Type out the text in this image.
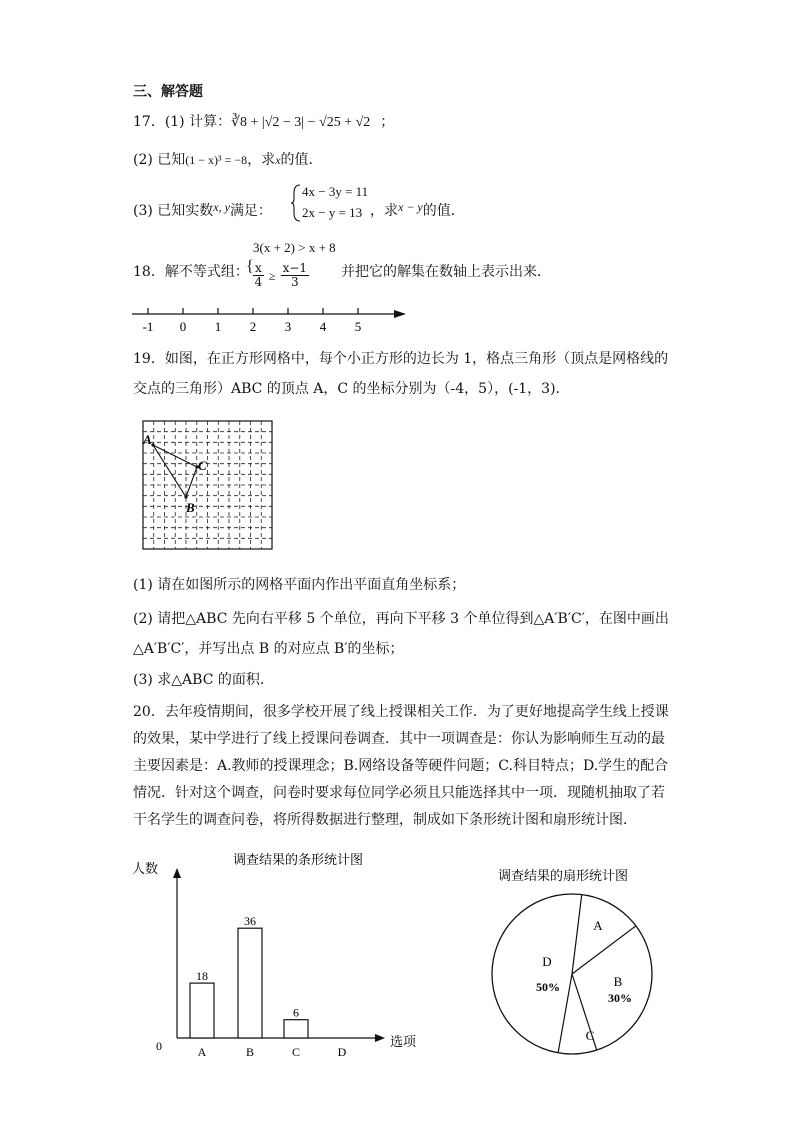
三、解答题
17．(1) 计算：∛8 + |√2 − 3| − √25 + √2 ；
(2) 已知(1 − x)³ = −8，求x的值．
(3) 已知实数x, y满足：
4x − 3y = 11
2x − y = 13 ，求x − y的值．
3(x + 2) > x + 8
18．解不等式组：
{ $\frac{x}{4} \ge \frac{x-1}{3}$ 并把它的解集在数轴上表示出来．
-1 0 1 2 3 4 5
19．如图，在正方形网格中，每个小正方形的边长为 1，格点三角形（顶点是网格线的
交点的三角形）ABC 的顶点 A，C 的坐标分别为（-4，5），(-1，3)．
A
C
B
(1) 请在如图所示的网格平面内作出平面直角坐标系；
(2) 请把△ABC 先向右平移 5 个单位，再向下平移 3 个单位得到△A′B′C′，在图中画出
△A′B′C′，并写出点 B 的对应点 B′的坐标；
(3) 求△ABC 的面积．
20．去年疫情期间，很多学校开展了线上授课相关工作．为了更好地提高学生线上授课
的效果，某中学进行了线上授课问卷调查．其中一项调查是：你认为影响师生互动的最
主要因素是：A.教师的授课理念；B.网络设备等硬件问题；C.科目特点；D.学生的配合
情况．针对这个调查，问卷时要求每位同学必须且只能选择其中一项．现随机抽取了若
干名学生的调查问卷，将所得数据进行整理，制成如下条形统计图和扇形统计图．
调查结果的条形统计图
人数
0	选项
18
A
36
B
6
C	D
调查结果的扇形统计图
A
B
30%
C
D
50%
